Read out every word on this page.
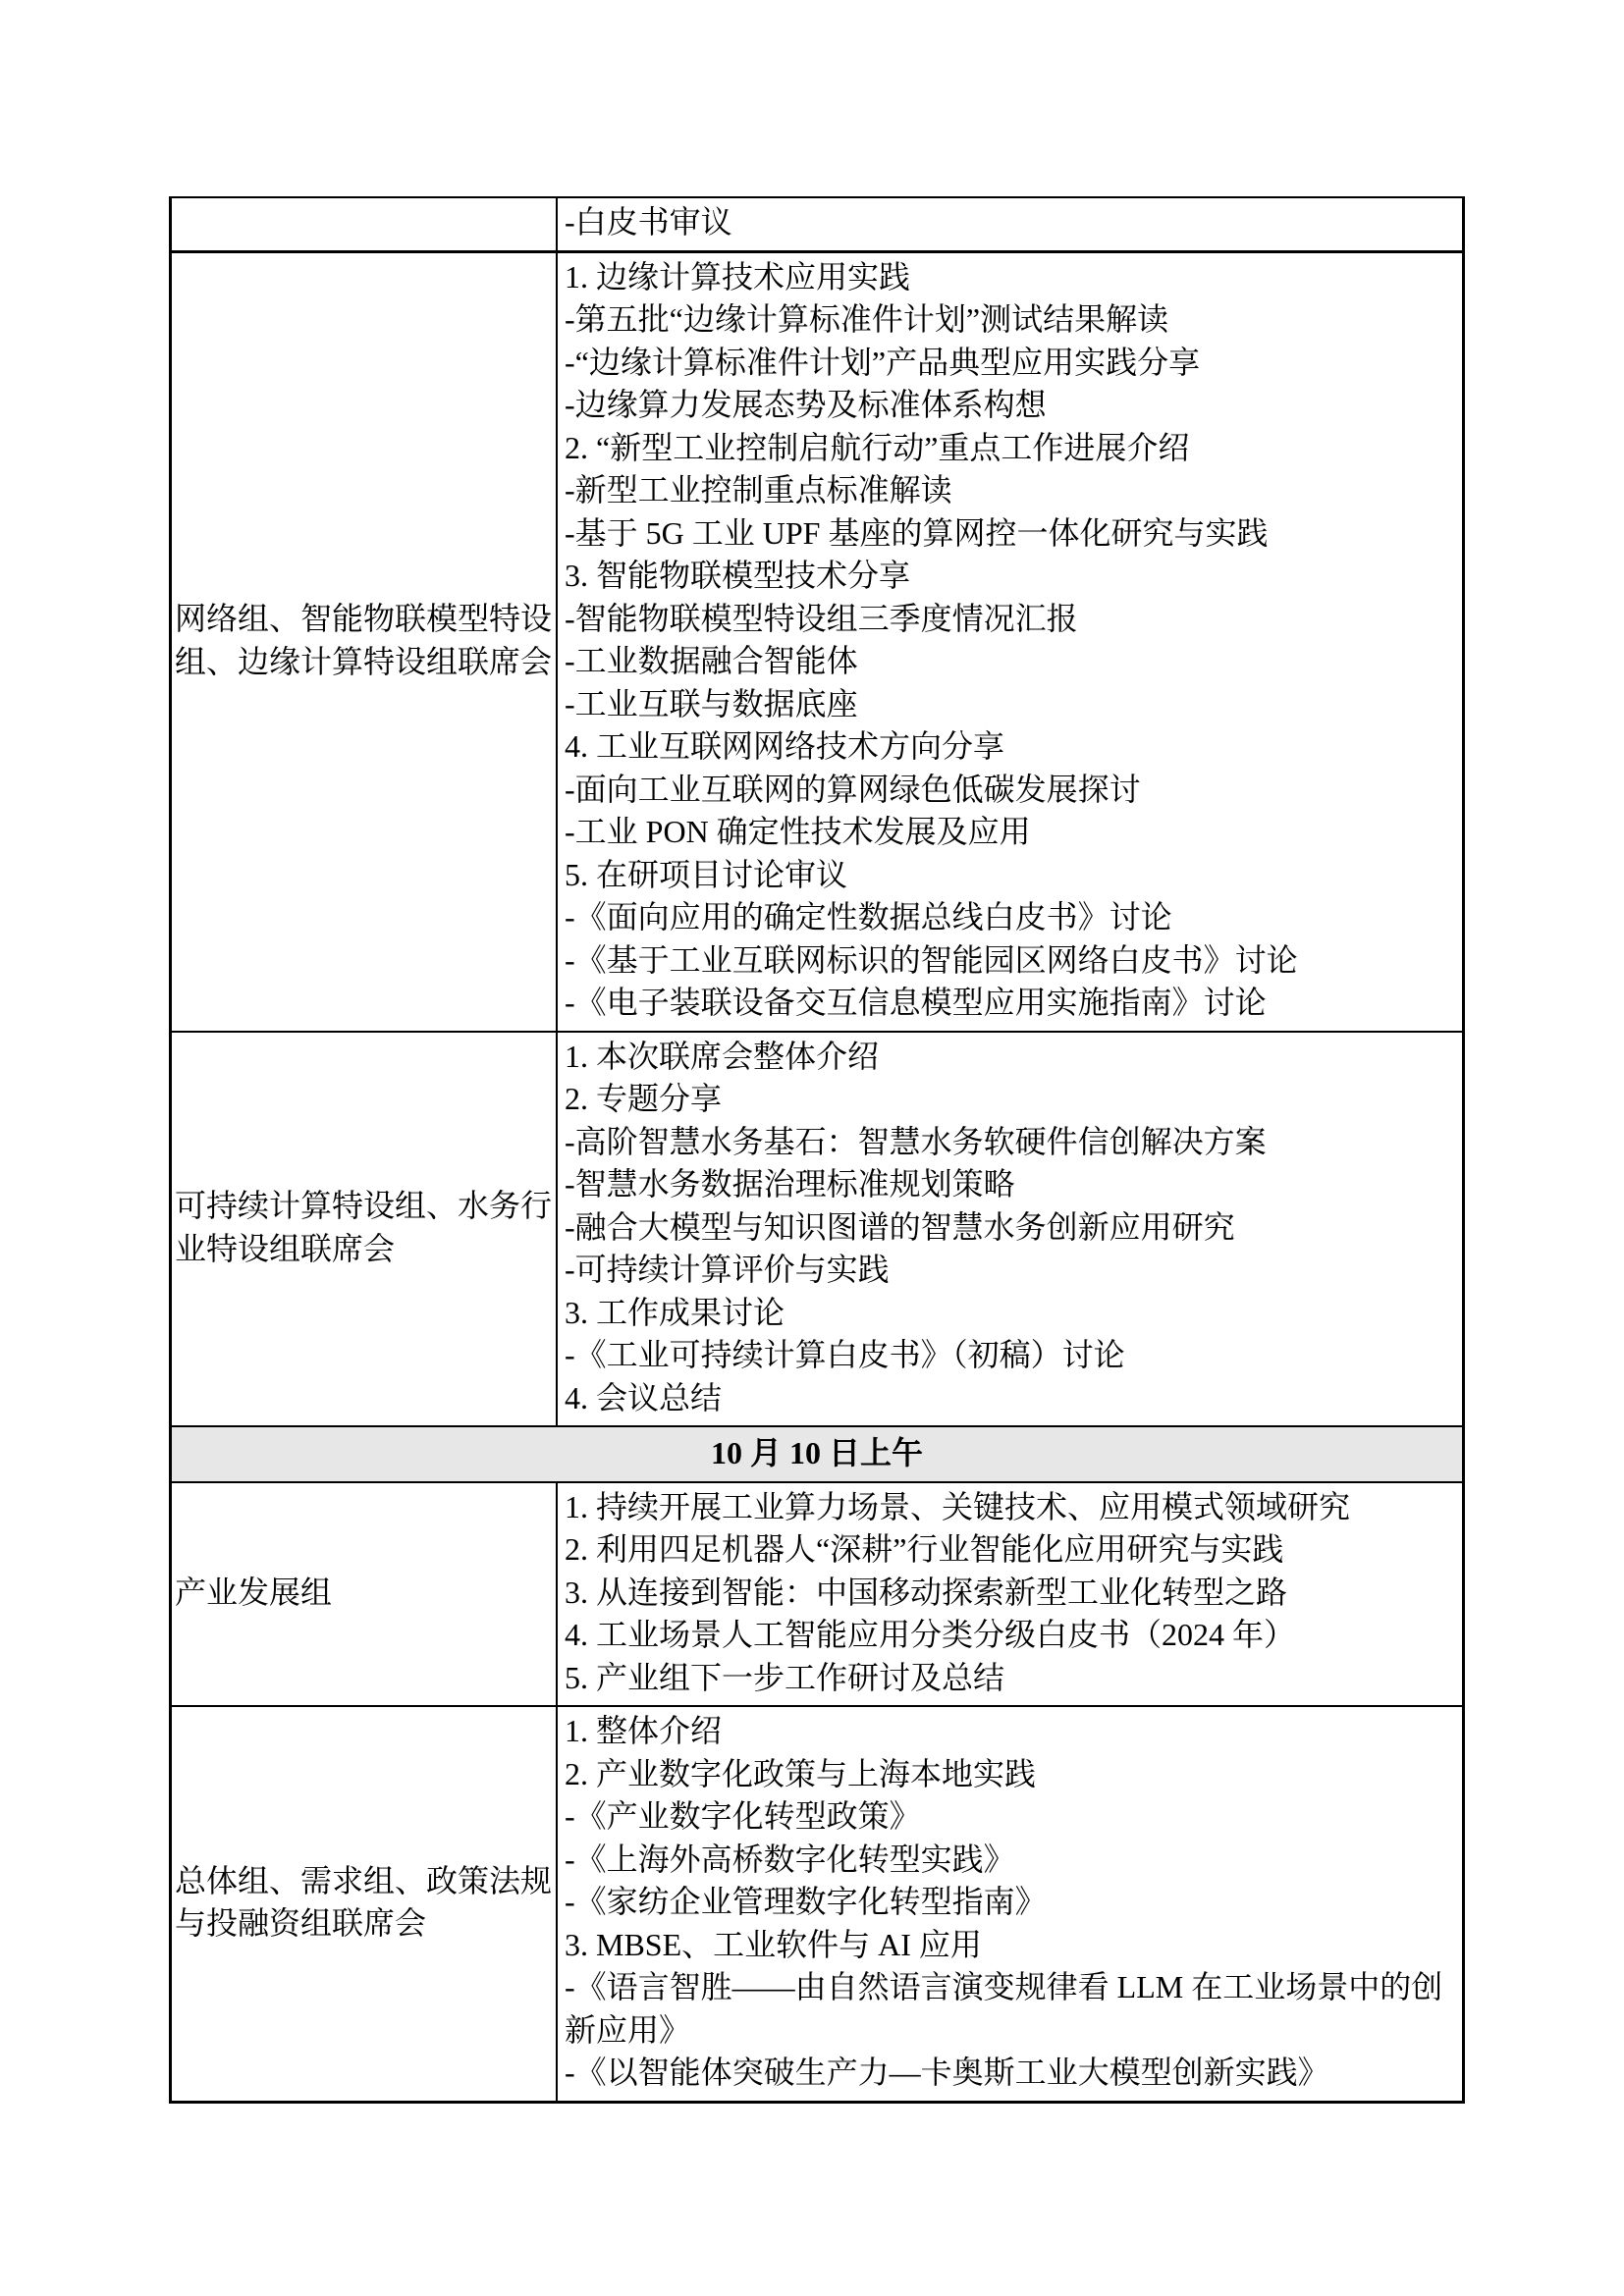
-白皮书审议
网络组、智能物联模型特设组、边缘计算特设组联席会
1. 边缘计算技术应用实践
-第五批“边缘计算标准件计划”测试结果解读
-“边缘计算标准件计划”产品典型应用实践分享
-边缘算力发展态势及标准体系构想
2. “新型工业控制启航行动”重点工作进展介绍
-新型工业控制重点标准解读
-基于 5G 工业 UPF 基座的算网控一体化研究与实践
3. 智能物联模型技术分享
-智能物联模型特设组三季度情况汇报
-工业数据融合智能体
-工业互联与数据底座
4. 工业互联网网络技术方向分享
-面向工业互联网的算网绿色低碳发展探讨
-工业 PON 确定性技术发展及应用
5. 在研项目讨论审议
-《面向应用的确定性数据总线白皮书》讨论
-《基于工业互联网标识的智能园区网络白皮书》讨论
-《电子装联设备交互信息模型应用实施指南》讨论
可持续计算特设组、水务行业特设组联席会
1. 本次联席会整体介绍
2. 专题分享
-高阶智慧水务基石：智慧水务软硬件信创解决方案
-智慧水务数据治理标准规划策略
-融合大模型与知识图谱的智慧水务创新应用研究
-可持续计算评价与实践
3. 工作成果讨论
-《工业可持续计算白皮书》（初稿）讨论
4. 会议总结
10 月 10 日上午
产业发展组
1. 持续开展工业算力场景、关键技术、应用模式领域研究
2. 利用四足机器人“深耕”行业智能化应用研究与实践
3. 从连接到智能：中国移动探索新型工业化转型之路
4. 工业场景人工智能应用分类分级白皮书（2024 年）
5. 产业组下一步工作研讨及总结
总体组、需求组、政策法规与投融资组联席会
1. 整体介绍
2. 产业数字化政策与上海本地实践
-《产业数字化转型政策》
-《上海外高桥数字化转型实践》
-《家纺企业管理数字化转型指南》
3. MBSE、工业软件与 AI 应用
-《语言智胜——由自然语言演变规律看 LLM 在工业场景中的创新应用》
-《以智能体突破生产力—卡奥斯工业大模型创新实践》
